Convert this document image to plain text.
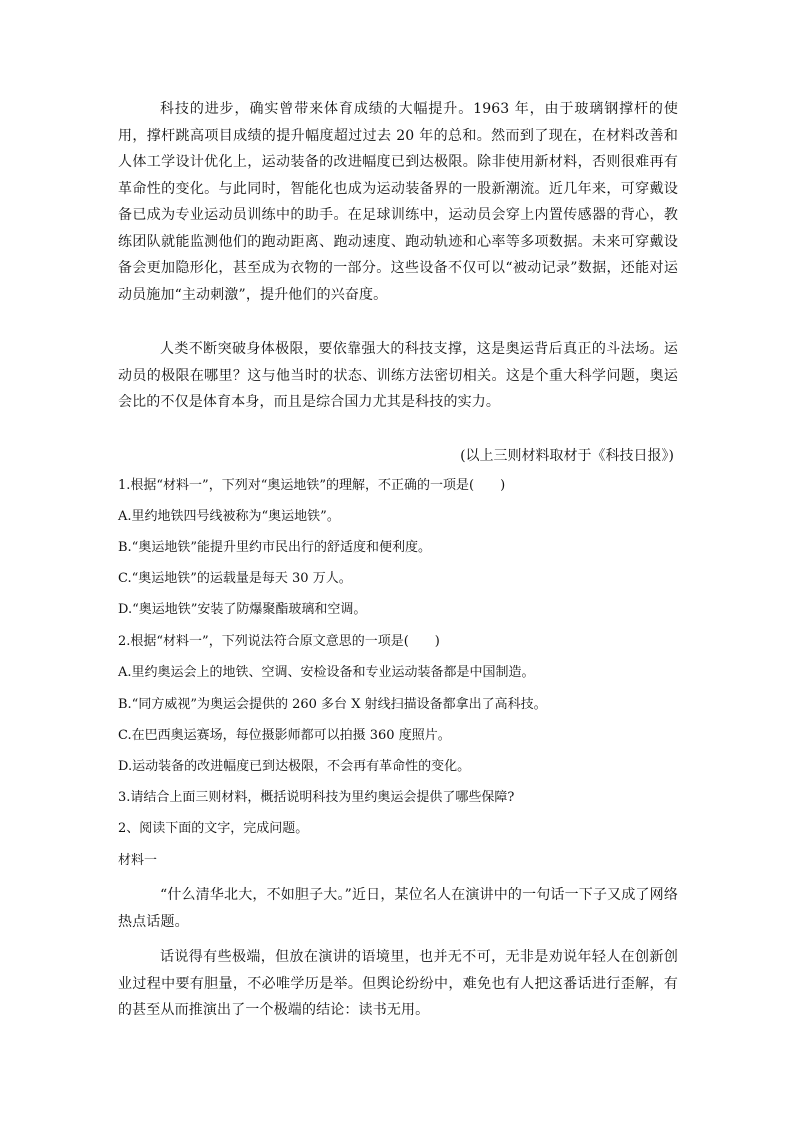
科技的进步，确实曾带来体育成绩的大幅提升。1963 年，由于玻璃钢撑杆的使用，撑杆跳高项目成绩的提升幅度超过过去 20 年的总和。然而到了现在，在材料改善和人体工学设计优化上，运动装备的改进幅度已到达极限。除非使用新材料，否则很难再有革命性的变化。与此同时，智能化也成为运动装备界的一股新潮流。近几年来，可穿戴设备已成为专业运动员训练中的助手。在足球训练中，运动员会穿上内置传感器的背心，教练团队就能监测他们的跑动距离、跑动速度、跑动轨迹和心率等多项数据。未来可穿戴设备会更加隐形化，甚至成为衣物的一部分。这些设备不仅可以“被动记录”数据，还能对运动员施加“主动刺激”，提升他们的兴奋度。

人类不断突破身体极限，要依靠强大的科技支撑，这是奥运背后真正的斗法场。运动员的极限在哪里？这与他当时的状态、训练方法密切相关。这是个重大科学问题，奥运会比的不仅是体育本身，而且是综合国力尤其是科技的实力。

(以上三则材料取材于《科技日报》)

1.根据“材料一”，下列对“奥运地铁”的理解，不正确的一项是( )

A.里约地铁四号线被称为“奥运地铁”。

B.“奥运地铁”能提升里约市民出行的舒适度和便利度。

C.“奥运地铁”的运载量是每天 30 万人。

D.“奥运地铁”安装了防爆聚酯玻璃和空调。

2.根据“材料一”，下列说法符合原文意思的一项是( )

A.里约奥运会上的地铁、空调、安检设备和专业运动装备都是中国制造。

B.“同方威视”为奥运会提供的 260 多台 X 射线扫描设备都拿出了高科技。

C.在巴西奥运赛场，每位摄影师都可以拍摄 360 度照片。

D.运动装备的改进幅度已到达极限，不会再有革命性的变化。

3.请结合上面三则材料，概括说明科技为里约奥运会提供了哪些保障?

2、阅读下面的文字，完成问题。

材料一

“什么清华北大，不如胆子大。”近日，某位名人在演讲中的一句话一下子又成了网络热点话题。

话说得有些极端，但放在演讲的语境里，也并无不可，无非是劝说年轻人在创新创业过程中要有胆量，不必唯学历是举。但舆论纷纷中，难免也有人把这番话进行歪解，有的甚至从而推演出了一个极端的结论：读书无用。
